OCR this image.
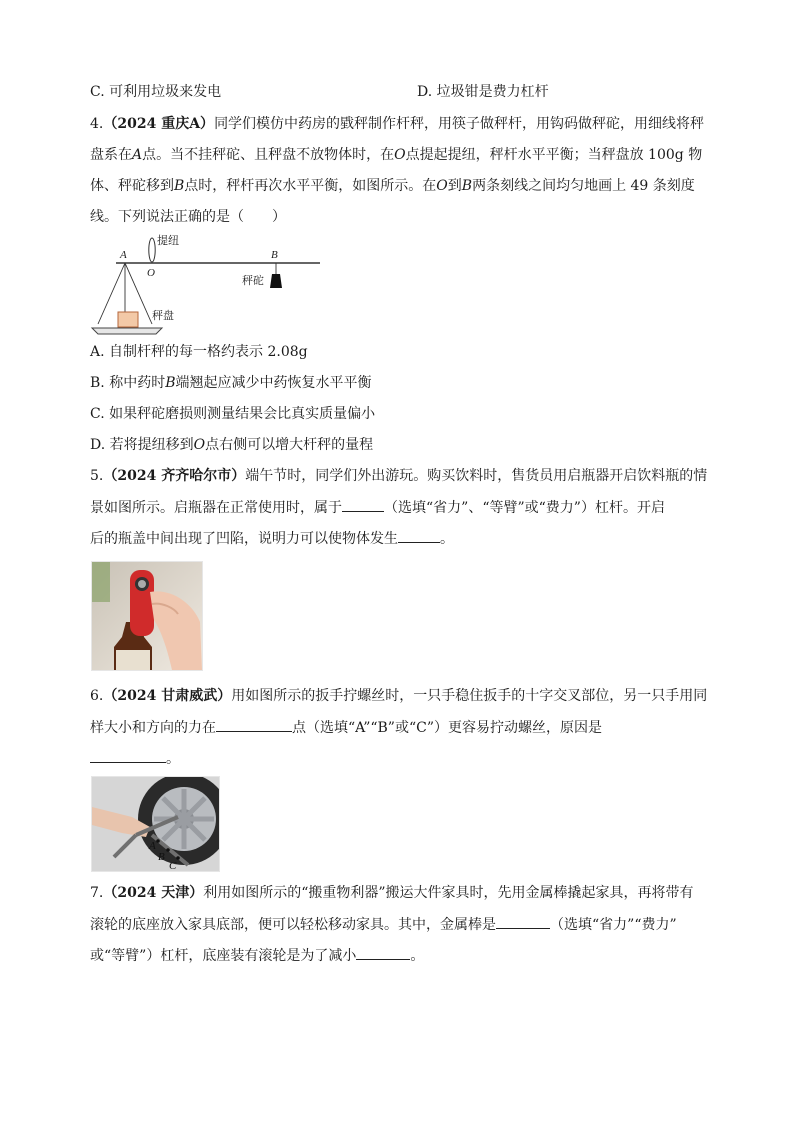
C. 可利用垃圾来发电	D. 垃圾钳是费力杠杆
4.（2024 重庆A）同学们模仿中药房的戥秤制作杆秤，用筷子做秤杆，用钩码做秤砣，用细线将秤
盘系在A点。当不挂秤砣、且秤盘不放物体时，在O点提起提纽，秤杆水平平衡；当秤盘放 100g 物
体、秤砣移到B点时，秤杆再次水平平衡，如图所示。在O到B两条刻线之间均匀地画上 49 条刻度
线。下列说法正确的是（　　）
A
O
提纽
B
秤砣
秤盘
A. 自制杆秤的每一格约表示 2.08g
B. 称中药时B端翘起应减少中药恢复水平平衡
C. 如果秤砣磨损则测量结果会比真实质量偏小
D. 若将提纽移到O点右侧可以增大杆秤的量程
5.（2024 齐齐哈尔市）端午节时，同学们外出游玩。购买饮料时，售货员用启瓶器开启饮料瓶的情
景如图所示。启瓶器在正常使用时，属于	（选填“省力”、“等臂”或“费力”）杠杆。开启
后的瓶盖中间出现了凹陷，说明力可以使物体发生	。
6.（2024 甘肃威武）用如图所示的扳手拧螺丝时，一只手稳住扳手的十字交叉部位，另一只手用同
样大小和方向的力在	点（选填“A”“B”或“C”）更容易拧动螺丝，原因是
。
A
B
C
7.（2024 天津）利用如图所示的“搬重物利器”搬运大件家具时，先用金属棒撬起家具，再将带有
滚轮的底座放入家具底部，便可以轻松移动家具。其中，金属棒是	（选填“省力”“费力”
或“等臂”）杠杆，底座装有滚轮是为了减小	。
